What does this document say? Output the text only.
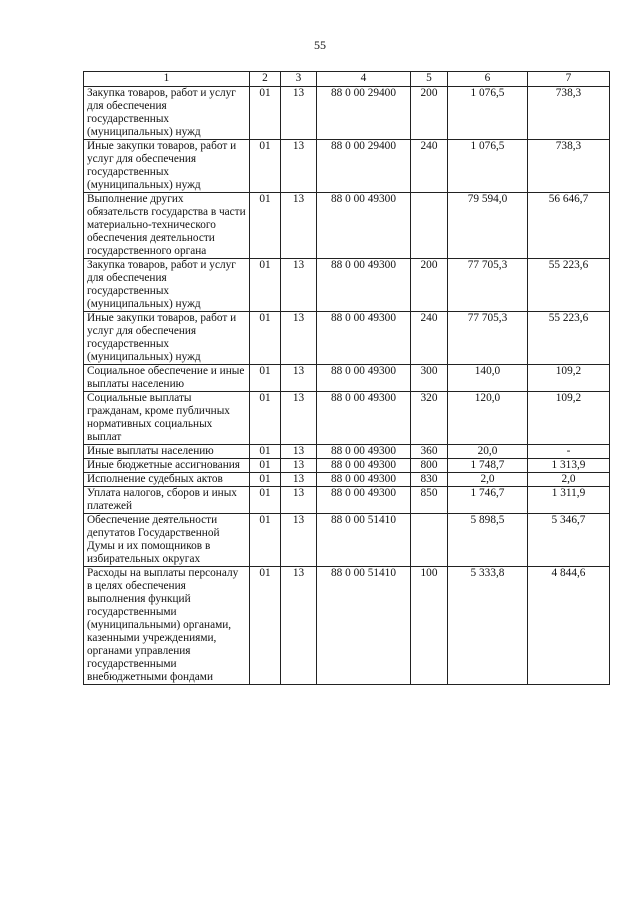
55
1	2	3	4	5	6	7
Закупка товаров, работ и услуг для обеспечения государственных (муниципальных) нужд	01	13	88 0 00 29400	200	1 076,5	738,3
Иные закупки товаров, работ и услуг для обеспечения государственных (муниципальных) нужд	01	13	88 0 00 29400	240	1 076,5	738,3
Выполнение других обязательств государства в части материально-технического обеспечения деятельности государственного органа	01	13	88 0 00 49300		79 594,0	56 646,7
Закупка товаров, работ и услуг для обеспечения государственных (муниципальных) нужд	01	13	88 0 00 49300	200	77 705,3	55 223,6
Иные закупки товаров, работ и услуг для обеспечения государственных (муниципальных) нужд	01	13	88 0 00 49300	240	77 705,3	55 223,6
Социальное обеспечение и иные выплаты населению	01	13	88 0 00 49300	300	140,0	109,2
Социальные выплаты гражданам, кроме публичных нормативных социальных выплат	01	13	88 0 00 49300	320	120,0	109,2
Иные выплаты населению	01	13	88 0 00 49300	360	20,0	-
Иные бюджетные ассигнования	01	13	88 0 00 49300	800	1 748,7	1 313,9
Исполнение судебных актов	01	13	88 0 00 49300	830	2,0	2,0
Уплата налогов, сборов и иных платежей	01	13	88 0 00 49300	850	1 746,7	1 311,9
Обеспечение деятельности депутатов Государственной Думы и их помощников в избирательных округах	01	13	88 0 00 51410		5 898,5	5 346,7
Расходы на выплаты персоналу в целях обеспечения выполнения функций государственными (муниципальными) органами, казенными учреждениями, органами управления государственными внебюджетными фондами	01	13	88 0 00 51410	100	5 333,8	4 844,6
